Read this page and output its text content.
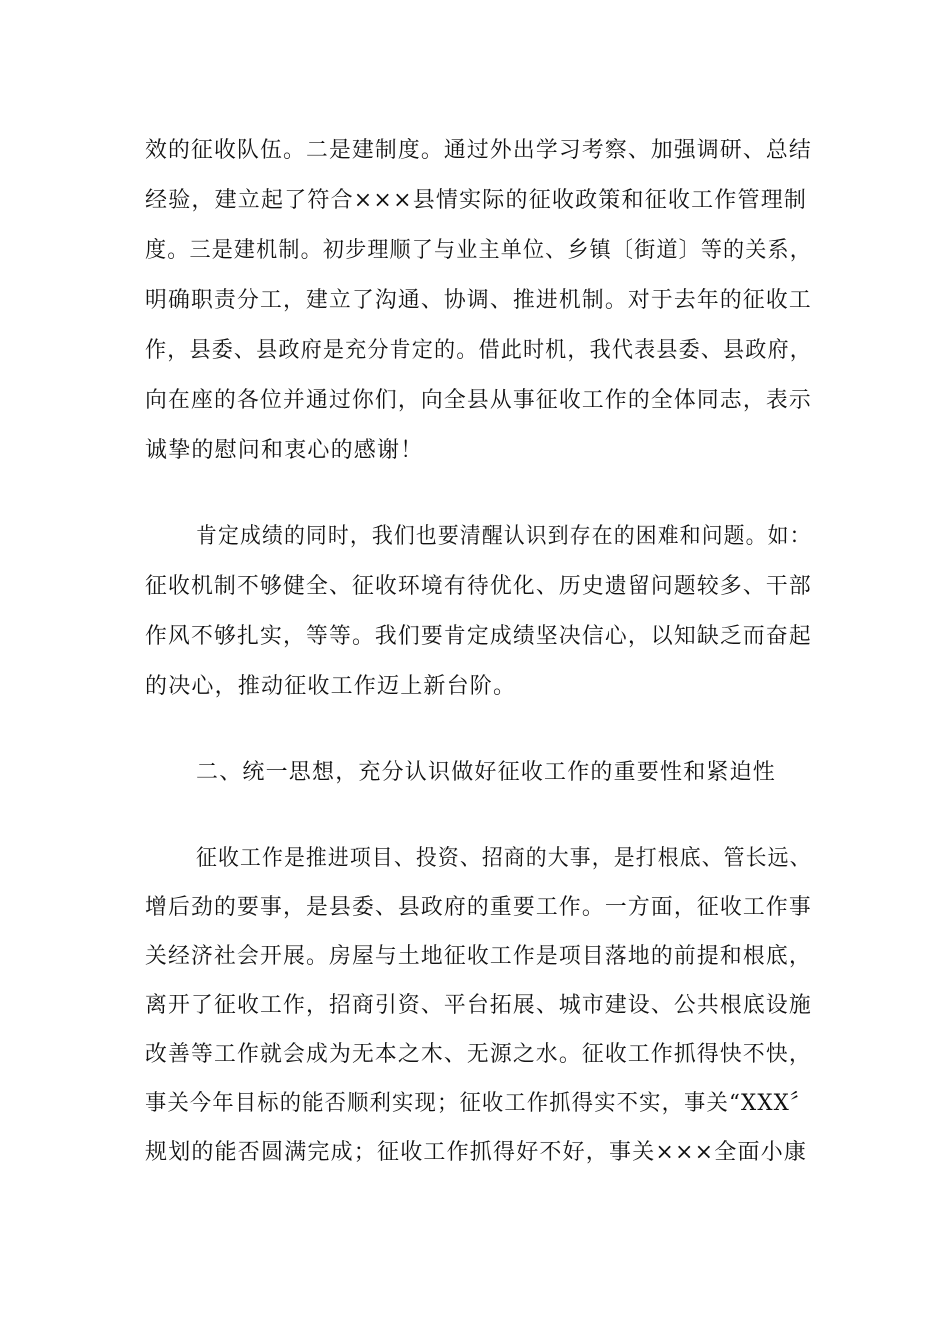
效的征收队伍。二是建制度。通过外出学习考察、加强调研、总结
经验，建立起了符合×××县情实际的征收政策和征收工作管理制
度。三是建机制。初步理顺了与业主单位、乡镇〔街道〕等的关系，
明确职责分工，建立了沟通、协调、推进机制。对于去年的征收工
作，县委、县政府是充分肯定的。借此时机，我代表县委、县政府，
向在座的各位并通过你们，向全县从事征收工作的全体同志，表示
诚挚的慰问和衷心的感谢！
肯定成绩的同时，我们也要清醒认识到存在的困难和问题。如：
征收机制不够健全、征收环境有待优化、历史遗留问题较多、干部
作风不够扎实，等等。我们要肯定成绩坚决信心，以知缺乏而奋起
的决心，推动征收工作迈上新台阶。
二、统一思想，充分认识做好征收工作的重要性和紧迫性
征收工作是推进项目、投资、招商的大事，是打根底、管长远、
增后劲的要事，是县委、县政府的重要工作。一方面，征收工作事
关经济社会开展。房屋与土地征收工作是项目落地的前提和根底，
离开了征收工作，招商引资、平台拓展、城市建设、公共根底设施
改善等工作就会成为无本之木、无源之水。征收工作抓得快不快，
事关今年目标的能否顺利实现；征收工作抓得实不实，事关“XXX〞
规划的能否圆满完成；征收工作抓得好不好，事关×××全面小康
